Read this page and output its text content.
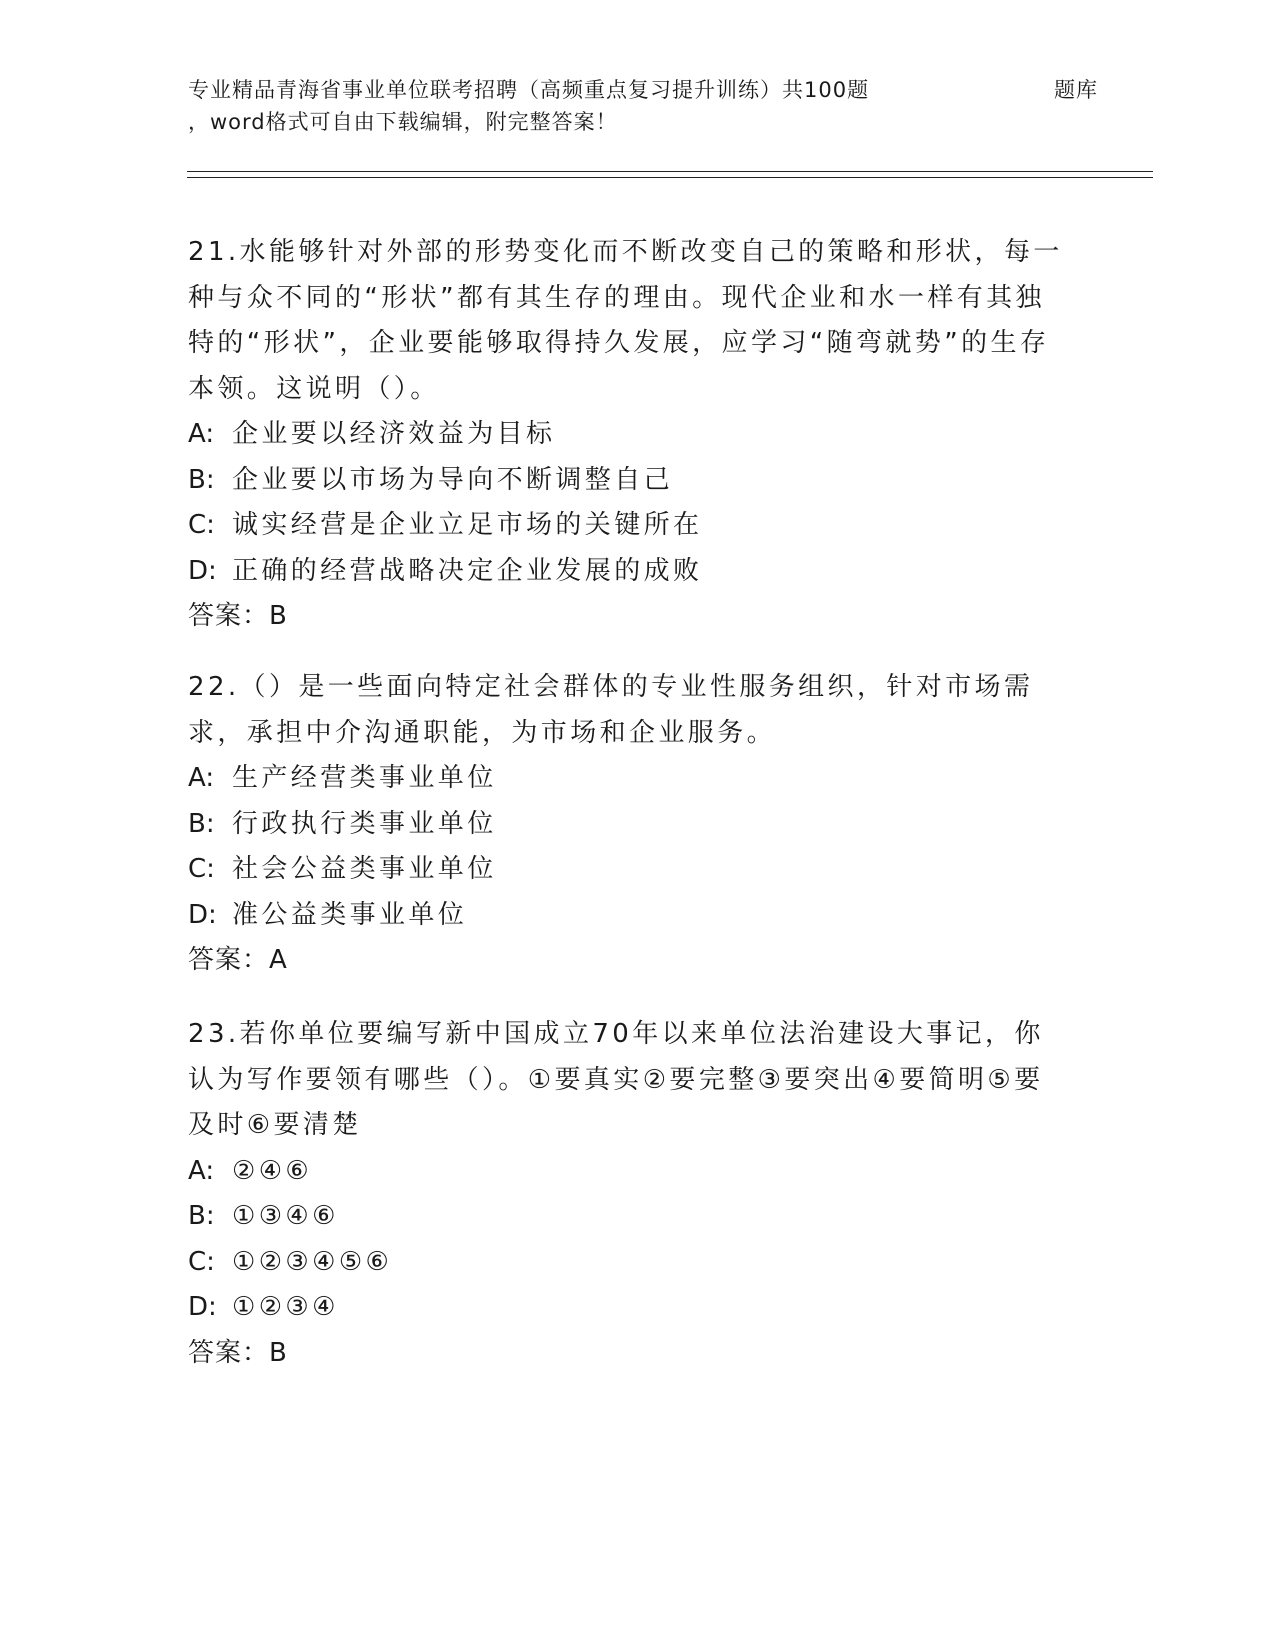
专业精品青海省事业单位联考招聘（高频重点复习提升训练）共100题
，word格式可自由下载编辑，附完整答案！
题库

21.水能够针对外部的形势变化而不断改变自己的策略和形状，每一种与众不同的“形状”都有其生存的理由。现代企业和水一样有其独特的“形状”，企业要能够取得持久发展，应学习“随弯就势”的生存本领。这说明（）。

A: 企业要以经济效益为目标
B: 企业要以市场为导向不断调整自己
C: 诚实经营是企业立足市场的关键所在
D: 正确的经营战略决定企业发展的成败
答案：B

22.（）是一些面向特定社会群体的专业性服务组织，针对市场需求，承担中介沟通职能，为市场和企业服务。

A: 生产经营类事业单位
B: 行政执行类事业单位
C: 社会公益类事业单位
D: 准公益类事业单位
答案：A

23.若你单位要编写新中国成立70年以来单位法治建设大事记，你认为写作要领有哪些（）。①要真实②要完整③要突出④要简明⑤要及时⑥要清楚

A: ②④⑥
B: ①③④⑥
C: ①②③④⑤⑥
D: ①②③④
答案：B
